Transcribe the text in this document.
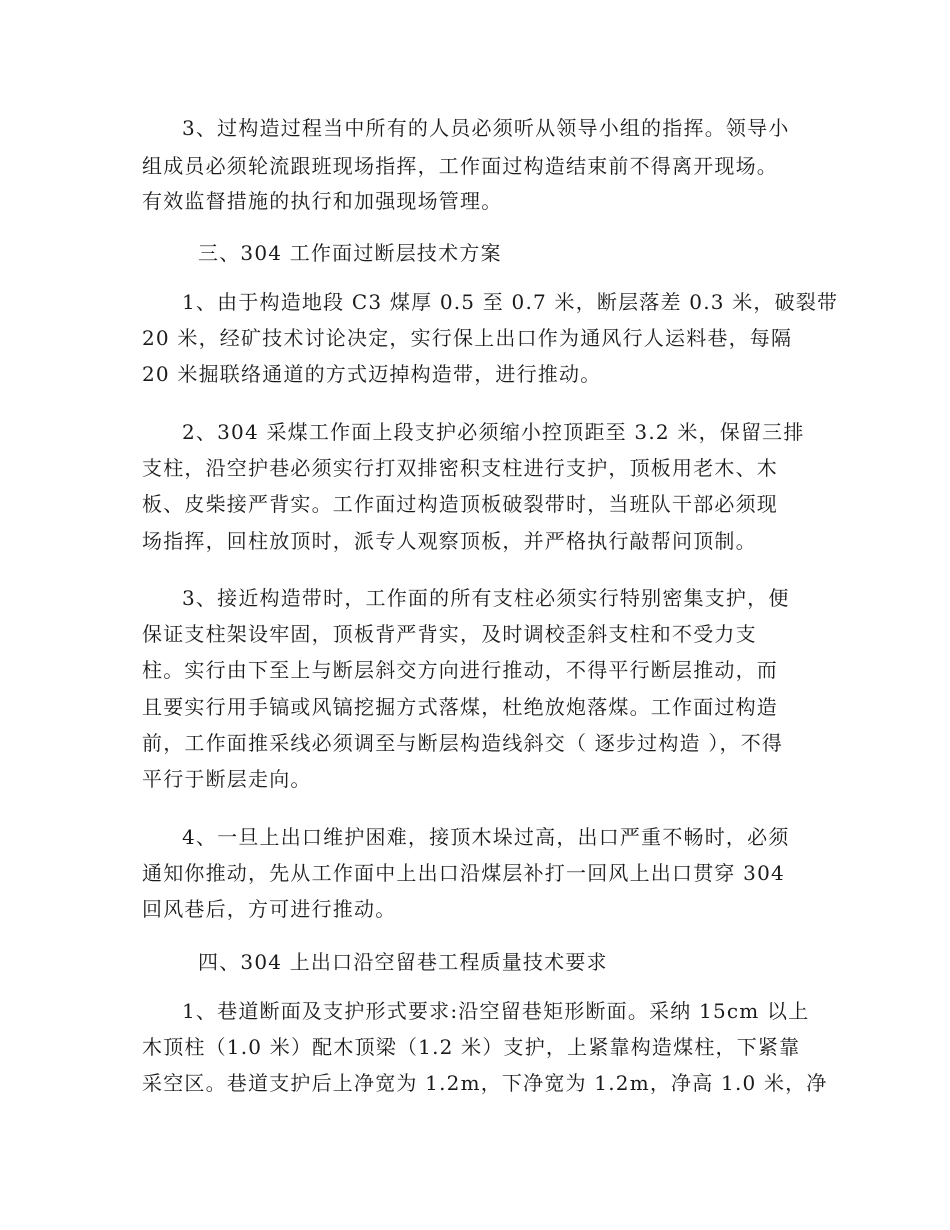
3、过构造过程当中所有的人员必须听从领导小组的指挥。领导小
组成员必须轮流跟班现场指挥，工作面过构造结束前不得离开现场。
有效监督措施的执行和加强现场管理。
三、304 工作面过断层技术方案
1、由于构造地段 C3 煤厚 0.5 至 0.7 米，断层落差 0.3 米，破裂带
20 米，经矿技术讨论决定，实行保上出口作为通风行人运料巷，每隔
20 米掘联络通道的方式迈掉构造带，进行推动。
2、304 采煤工作面上段支护必须缩小控顶距至 3.2 米，保留三排
支柱，沿空护巷必须实行打双排密积支柱进行支护，顶板用老木、木
板、皮柴接严背实。工作面过构造顶板破裂带时，当班队干部必须现
场指挥，回柱放顶时，派专人观察顶板，并严格执行敲帮问顶制。
3、接近构造带时，工作面的所有支柱必须实行特别密集支护，便
保证支柱架设牢固，顶板背严背实，及时调校歪斜支柱和不受力支
柱。实行由下至上与断层斜交方向进行推动，不得平行断层推动，而
且要实行用手镐或风镐挖掘方式落煤，杜绝放炮落煤。工作面过构造
前，工作面推采线必须调至与断层构造线斜交（ 逐步过构造 ），不得
平行于断层走向。
4、一旦上出口维护困难，接顶木垛过高，出口严重不畅时，必须
通知你推动，先从工作面中上出口沿煤层补打一回风上出口贯穿 304
回风巷后，方可进行推动。
四、304 上出口沿空留巷工程质量技术要求
1、巷道断面及支护形式要求:沿空留巷矩形断面。采纳 15cm 以上
木顶柱（1.0 米）配木顶梁（1.2 米）支护，上紧靠构造煤柱，下紧靠
采空区。巷道支护后上净宽为 1.2m，下净宽为 1.2m，净高 1.0 米，净
